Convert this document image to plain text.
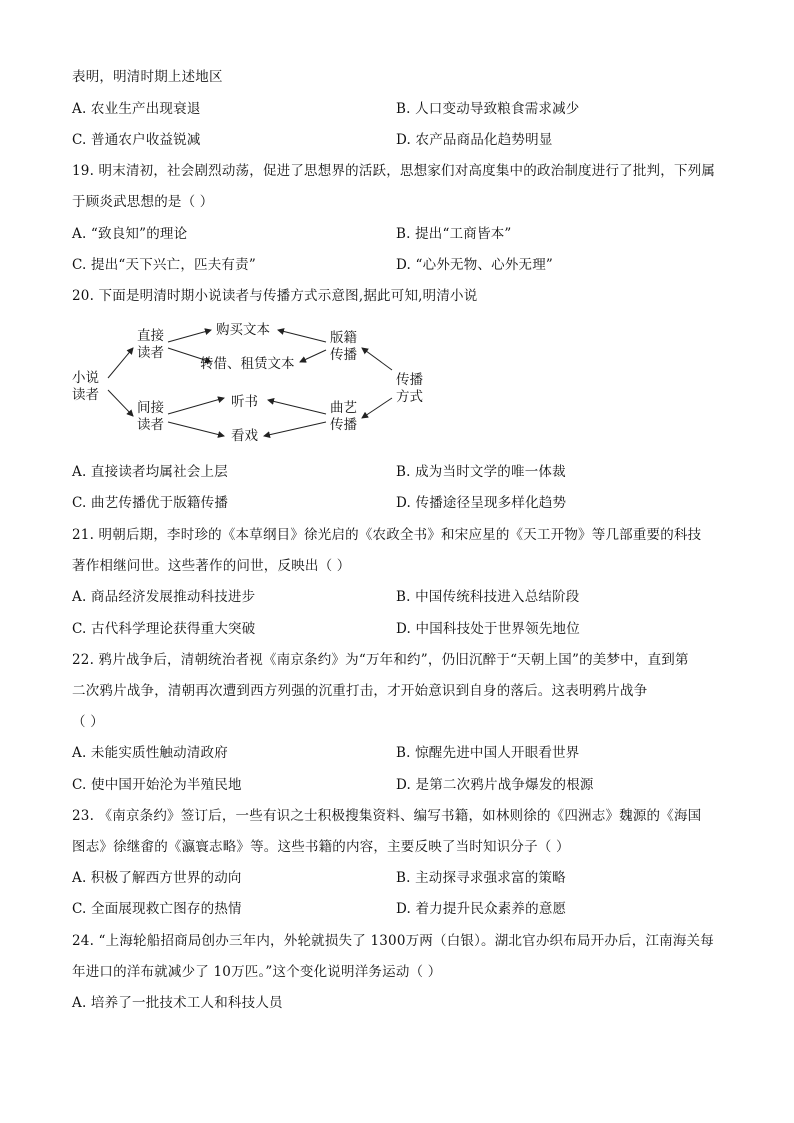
表明，明清时期上述地区
A. 农业生产出现衰退	B. 人口变动导致粮食需求减少
C. 普通农户收益锐减	D. 农产品商品化趋势明显
19. 明末清初，社会剧烈动荡，促进了思想界的活跃，思想家们对高度集中的政治制度进行了批判，下列属
于顾炎武思想的是（ ）
A. “致良知”的理论	B. 提出“工商皆本”
C. 提出“天下兴亡，匹夫有责”	D. “心外无物、心外无理”
20. 下面是明清时期小说读者与传播方式示意图,据此可知,明清小说
小说
读者
直接
读者
间接
读者
购买文本
转借、租赁文本
听书
看戏
版籍
传播
曲艺
传播
传播
方式
A. 直接读者均属社会上层	B. 成为当时文学的唯一体裁
C. 曲艺传播优于版籍传播	D. 传播途径呈现多样化趋势
21. 明朝后期，李时珍的《本草纲目》徐光启的《农政全书》和宋应星的《天工开物》等几部重要的科技
著作相继问世。这些著作的问世，反映出（ ）
A. 商品经济发展推动科技进步	B. 中国传统科技进入总结阶段
C. 古代科学理论获得重大突破	D. 中国科技处于世界领先地位
22. 鸦片战争后，清朝统治者视《南京条约》为“万年和约”，仍旧沉醉于“天朝上国”的美梦中，直到第
二次鸦片战争，清朝再次遭到西方列强的沉重打击，才开始意识到自身的落后。这表明鸦片战争
（ ）
A. 未能实质性触动清政府	B. 惊醒先进中国人开眼看世界
C. 使中国开始沦为半殖民地	D. 是第二次鸦片战争爆发的根源
23. 《南京条约》签订后，一些有识之士积极搜集资料、编写书籍，如林则徐的《四洲志》魏源的《海国
图志》徐继畬的《瀛寰志略》等。这些书籍的内容，主要反映了当时知识分子（ ）
A. 积极了解西方世界的动向	B. 主动探寻求强求富的策略
C. 全面展现救亡图存的热情	D. 着力提升民众素养的意愿
24. “上海轮船招商局创办三年内，外轮就损失了 1300万两（白银）。湖北官办织布局开办后，江南海关每
年进口的洋布就减少了 10万匹。”这个变化说明洋务运动（ ）
A. 培养了一批技术工人和科技人员
